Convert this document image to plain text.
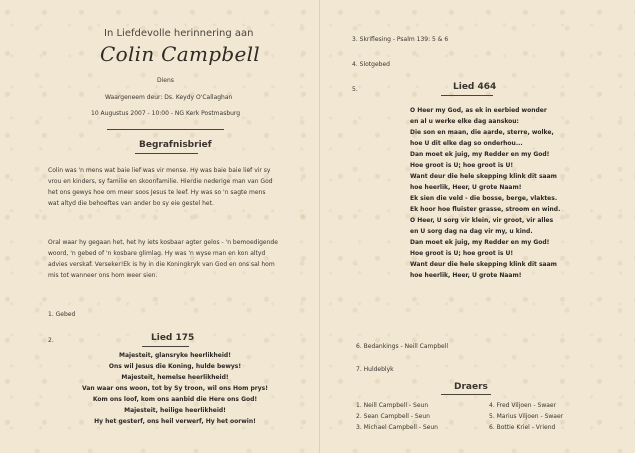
In Liefdevolle herinnering aan
Colin Campbell
Diens
Waargeneem deur: Ds. Keydy O'Callaghan
10 Augustus 2007 - 10:00 - NG Kerk Postmasburg
Begrafnisbrief
Colin was 'n mens wat baie lief was vir mense. Hy was baie baie lief vir sy
vrou en kinders, sy familie en skoonfamilie. Hierdie nederige man van God
het ons gewys hoe om meer soos Jesus te leef. Hy was so 'n sagte mens
wat altyd die behoeftes van ander bo sy eie gestel het.
Oral waar hy gegaan het, het hy iets kosbaar agter gelos - 'n bemoedigende
woord, 'n gebed of 'n kosbare glimlag. Hy was 'n wyse man en kon altyd
advies verskaf. Verseker!Ek is hy in die Koningkryk van God en ons sal hom
mis tot wanneer ons hom weer sien.
1. Gebed
2.	Lied 175
Majesteit, glansryke heerlikheid!
Ons wil Jesus die Koning, hulde bewys!
Majesteit, hemelse heerlikheid!
Van waar ons woon, tot by Sy troon, wil ons Hom prys!
Kom ons loof, kom ons aanbid die Here ons God!
Majesteit, heilige heerlikheid!
Hy het gesterf, ons heil verwerf, Hy het oorwin!
3. Skriflesing - Psalm 139: 5 & 6
4. Slotgebed
5.	Lied 464
O Heer my God, as ek in eerbied wonder
en al u werke elke dag aanskou:
Die son en maan, die aarde, sterre, wolke,
hoe U dit elke dag so onderhou...
Dan moet ek juig, my Redder en my God!
Hoe groot is U; hoe groot is U!
Want deur die hele skepping klink dit saam
hoe heerlik, Heer, U grote Naam!
Ek sien die veld - die bosse, berge, vlaktes.
Ek hoor hoe fluister grasse, stroom en wind.
O Heer, U sorg vir klein, vir groot, vir alles
en U sorg dag na dag vir my, u kind.
Dan moet ek juig, my Redder en my God!
Hoe groot is U; hoe groot is U!
Want deur die hele skepping klink dit saam
hoe heerlik, Heer, U grote Naam!
6. Bedankings - Neill Campbell
7. Huldeblyk
Draers
1. Neill Campbell - Seun
2. Sean Campbell - Seun
3. Michael Campbell - Seun
4. Fred Viljoen - Swaer
5. Marius Viljoen - Swaer
6. Bottie Kriel - Vriend
